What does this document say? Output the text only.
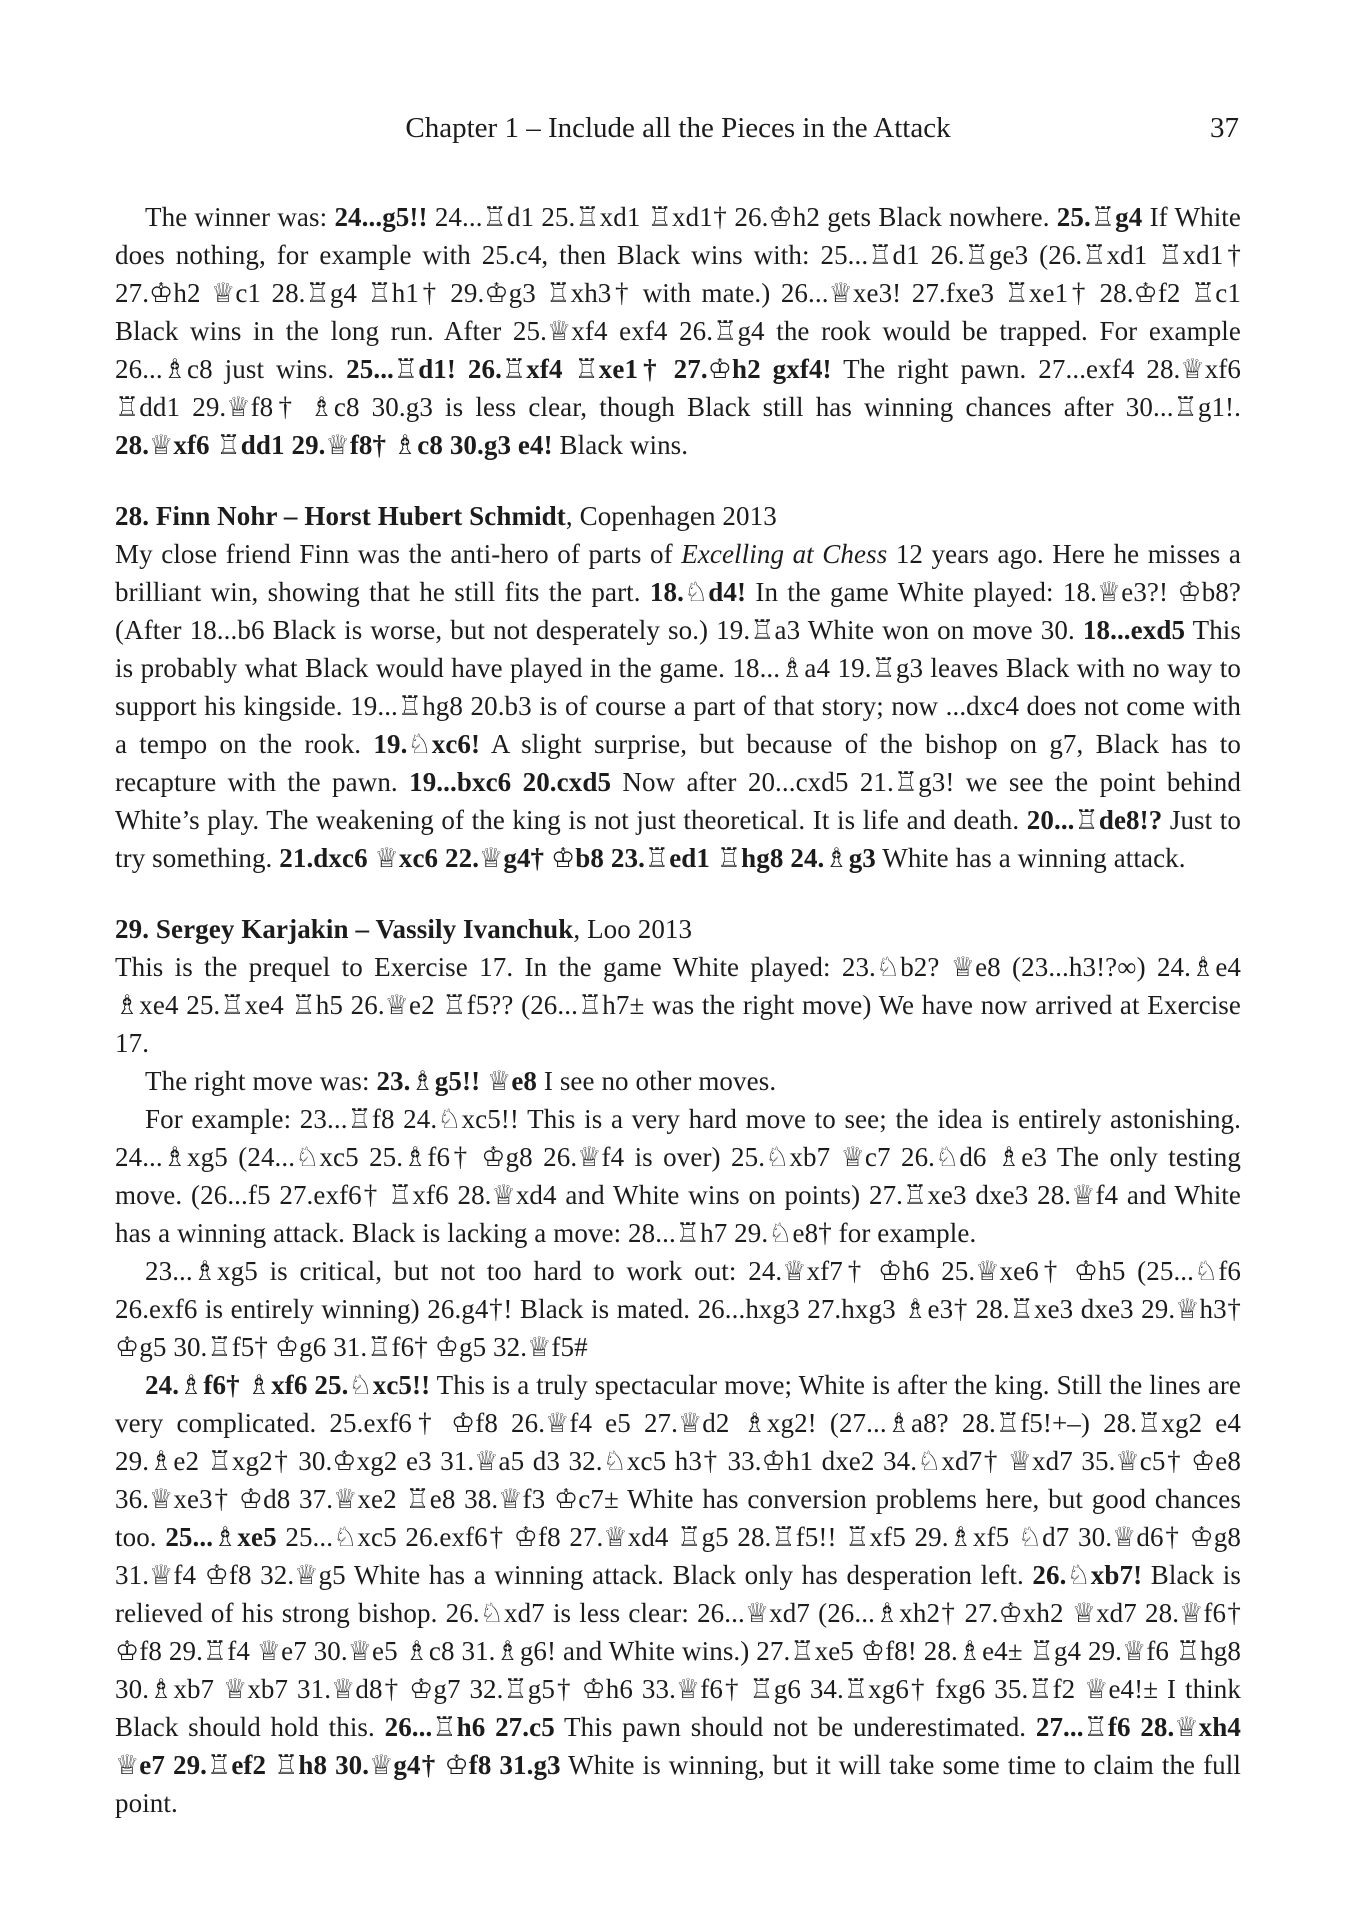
Chapter 1 – Include all the Pieces in the Attack	37

The winner was: 24...g5!! 24...♖d1 25.♖xd1 ♖xd1† 26.♔h2 gets Black nowhere. 25.♖g4 If White does nothing, for example with 25.c4, then Black wins with: 25...♖d1 26.♖ge3 (26.♖xd1 ♖xd1† 27.♔h2 ♕c1 28.♖g4 ♖h1† 29.♔g3 ♖xh3† with mate.) 26...♕xe3! 27.fxe3 ♖xe1† 28.♔f2 ♖c1 Black wins in the long run. After 25.♕xf4 exf4 26.♖g4 the rook would be trapped. For example 26...♗c8 just wins. 25...♖d1! 26.♖xf4 ♖xe1† 27.♔h2 gxf4! The right pawn. 27...exf4 28.♕xf6 ♖dd1 29.♕f8† ♗c8 30.g3 is less clear, though Black still has winning chances after 30...♖g1!. 28.♕xf6 ♖dd1 29.♕f8† ♗c8 30.g3 e4! Black wins.

28. Finn Nohr – Horst Hubert Schmidt, Copenhagen 2013

My close friend Finn was the anti-hero of parts of Excelling at Chess 12 years ago. Here he misses a brilliant win, showing that he still fits the part. 18.♘d4! In the game White played: 18.♕e3?! ♔b8? (After 18...b6 Black is worse, but not desperately so.) 19.♖a3 White won on move 30. 18...exd5 This is probably what Black would have played in the game. 18...♗a4 19.♖g3 leaves Black with no way to support his kingside. 19...♖hg8 20.b3 is of course a part of that story; now ...dxc4 does not come with a tempo on the rook. 19.♘xc6! A slight surprise, but because of the bishop on g7, Black has to recapture with the pawn. 19...bxc6 20.cxd5 Now after 20...cxd5 21.♖g3! we see the point behind White’s play. The weakening of the king is not just theoretical. It is life and death. 20...♖de8!? Just to try something. 21.dxc6 ♕xc6 22.♕g4† ♔b8 23.♖ed1 ♖hg8 24.♗g3 White has a winning attack.

29. Sergey Karjakin – Vassily Ivanchuk, Loo 2013

This is the prequel to Exercise 17. In the game White played: 23.♘b2? ♕e8 (23...h3!?∞) 24.♗e4 ♗xe4 25.♖xe4 ♖h5 26.♕e2 ♖f5?? (26...♖h7± was the right move) We have now arrived at Exercise 17.

The right move was: 23.♗g5!! ♕e8 I see no other moves.

For example: 23...♖f8 24.♘xc5!! This is a very hard move to see; the idea is entirely astonishing. 24...♗xg5 (24...♘xc5 25.♗f6† ♔g8 26.♕f4 is over) 25.♘xb7 ♕c7 26.♘d6 ♗e3 The only testing move. (26...f5 27.exf6† ♖xf6 28.♕xd4 and White wins on points) 27.♖xe3 dxe3 28.♕f4 and White has a winning attack. Black is lacking a move: 28...♖h7 29.♘e8† for example.

23...♗xg5 is critical, but not too hard to work out: 24.♕xf7† ♔h6 25.♕xe6† ♔h5 (25...♘f6 26.exf6 is entirely winning) 26.g4†! Black is mated. 26...hxg3 27.hxg3 ♗e3† 28.♖xe3 dxe3 29.♕h3† ♔g5 30.♖f5† ♔g6 31.♖f6† ♔g5 32.♕f5#

24.♗f6† ♗xf6 25.♘xc5!! This is a truly spectacular move; White is after the king. Still the lines are very complicated. 25.exf6† ♔f8 26.♕f4 e5 27.♕d2 ♗xg2! (27...♗a8? 28.♖f5!+–) 28.♖xg2 e4 29.♗e2 ♖xg2† 30.♔xg2 e3 31.♕a5 d3 32.♘xc5 h3† 33.♔h1 dxe2 34.♘xd7† ♕xd7 35.♕c5† ♔e8 36.♕xe3† ♔d8 37.♕xe2 ♖e8 38.♕f3 ♔c7± White has conversion problems here, but good chances too. 25...♗xe5 25...♘xc5 26.exf6† ♔f8 27.♕xd4 ♖g5 28.♖f5!! ♖xf5 29.♗xf5 ♘d7 30.♕d6† ♔g8 31.♕f4 ♔f8 32.♕g5 White has a winning attack. Black only has desperation left. 26.♘xb7! Black is relieved of his strong bishop. 26.♘xd7 is less clear: 26...♕xd7 (26...♗xh2† 27.♔xh2 ♕xd7 28.♕f6† ♔f8 29.♖f4 ♕e7 30.♕e5 ♗c8 31.♗g6! and White wins.) 27.♖xe5 ♔f8! 28.♗e4± ♖g4 29.♕f6 ♖hg8 30.♗xb7 ♕xb7 31.♕d8† ♔g7 32.♖g5† ♔h6 33.♕f6† ♖g6 34.♖xg6† fxg6 35.♖f2 ♕e4!± I think Black should hold this. 26...♖h6 27.c5 This pawn should not be underestimated. 27...♖f6 28.♕xh4 ♕e7 29.♖ef2 ♖h8 30.♕g4† ♔f8 31.g3 White is winning, but it will take some time to claim the full point.
